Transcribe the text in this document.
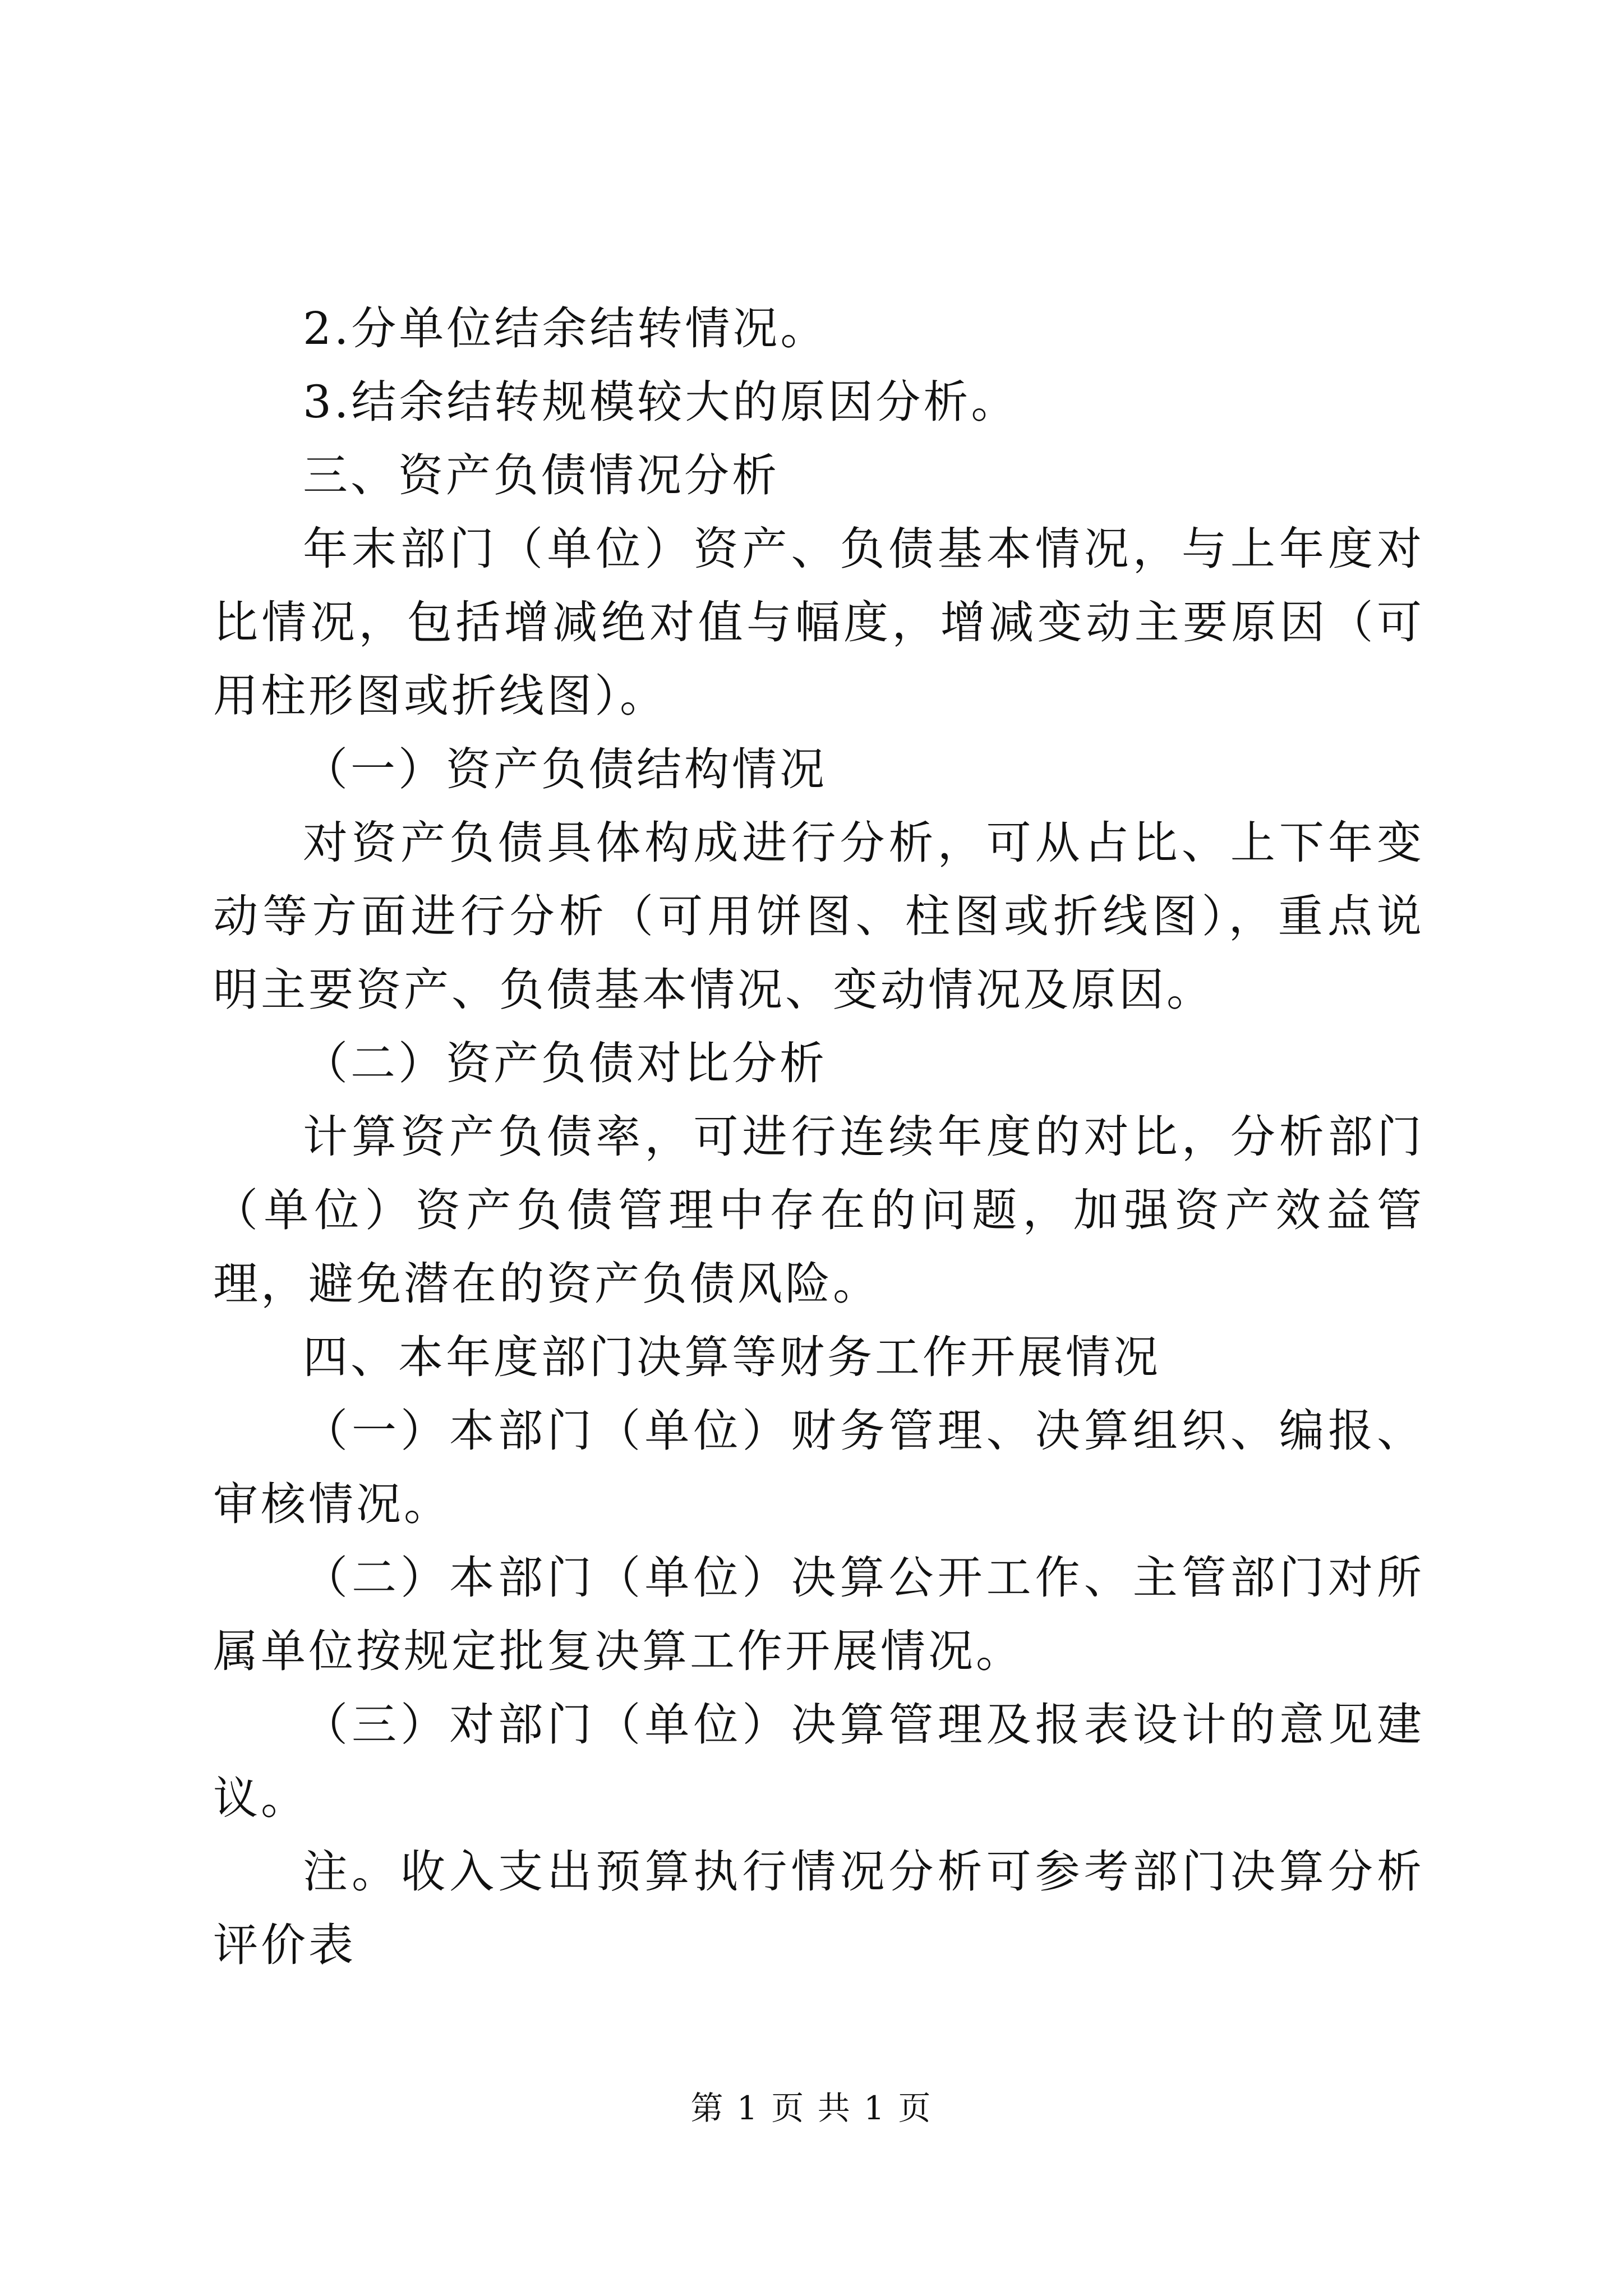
2.分单位结余结转情况。

3.结余结转规模较大的原因分析。

三、资产负债情况分析

年末部门（单位）资产、负债基本情况，与上年度对比情况，包括增减绝对值与幅度，增减变动主要原因（可用柱形图或折线图）。

（一）资产负债结构情况

对资产负债具体构成进行分析，可从占比、上下年变动等方面进行分析（可用饼图、柱图或折线图），重点说明主要资产、负债基本情况、变动情况及原因。

（二）资产负债对比分析

计算资产负债率，可进行连续年度的对比，分析部门（单位）资产负债管理中存在的问题，加强资产效益管理，避免潜在的资产负债风险。

四、本年度部门决算等财务工作开展情况

（一）本部门（单位）财务管理、决算组织、编报、审核情况。

（二）本部门（单位）决算公开工作、主管部门对所属单位按规定批复决算工作开展情况。

（三）对部门（单位）决算管理及报表设计的意见建议。

注。收入支出预算执行情况分析可参考部门决算分析评价表

第 1 页 共 1 页
